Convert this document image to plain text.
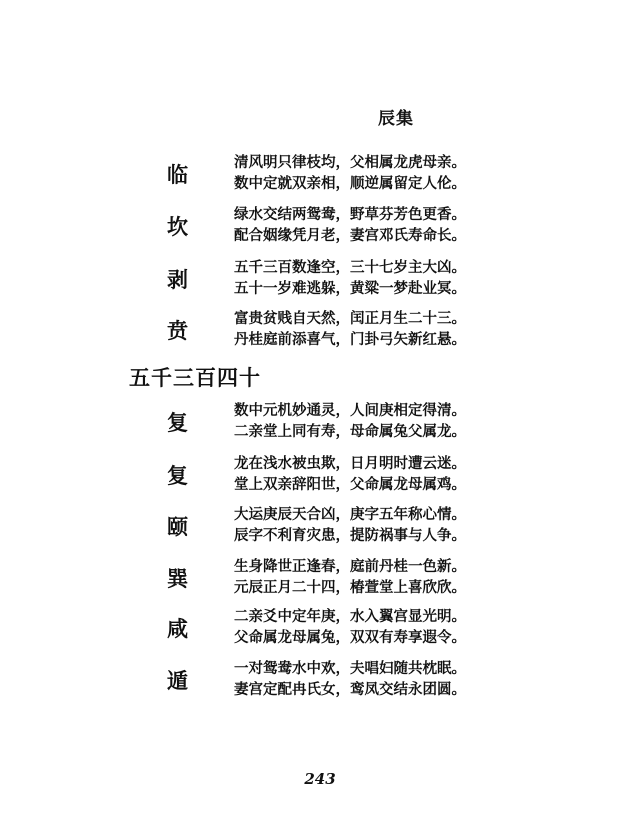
辰集
临	清风明只律枝均，父相属龙虎母亲。
数中定就双亲相，顺逆属留定人伦。
坎	绿水交结两鸳鸯，野草芬芳色更香。
配合姻缘凭月老，妻宫邓氏寿命长。
剥	五千三百数逢空，三十七岁主大凶。
五十一岁难逃躲，黄粱一梦赴业冥。
贲	富贵贫贱自天然，闰正月生二十三。
丹桂庭前添喜气，门卦弓矢新红悬。
五千三百四十
复	数中元机妙通灵，人间庚相定得清。
二亲堂上同有寿，母命属兔父属龙。
复	龙在浅水被虫欺，日月明时遭云迷。
堂上双亲辞阳世，父命属龙母属鸡。
颐	大运庚辰天合凶，庚字五年称心情。
辰字不利育灾患，提防祸事与人争。
巽	生身降世正逢春，庭前丹桂一色新。
元辰正月二十四，椿萱堂上喜欣欣。
咸	二亲爻中定年庚，水入翼宫显光明。
父命属龙母属兔，双双有寿享遐令。
遁	一对鸳鸯水中欢，夫唱妇随共枕眠。
妻宫定配冉氏女，鸾凤交结永团圆。
243
